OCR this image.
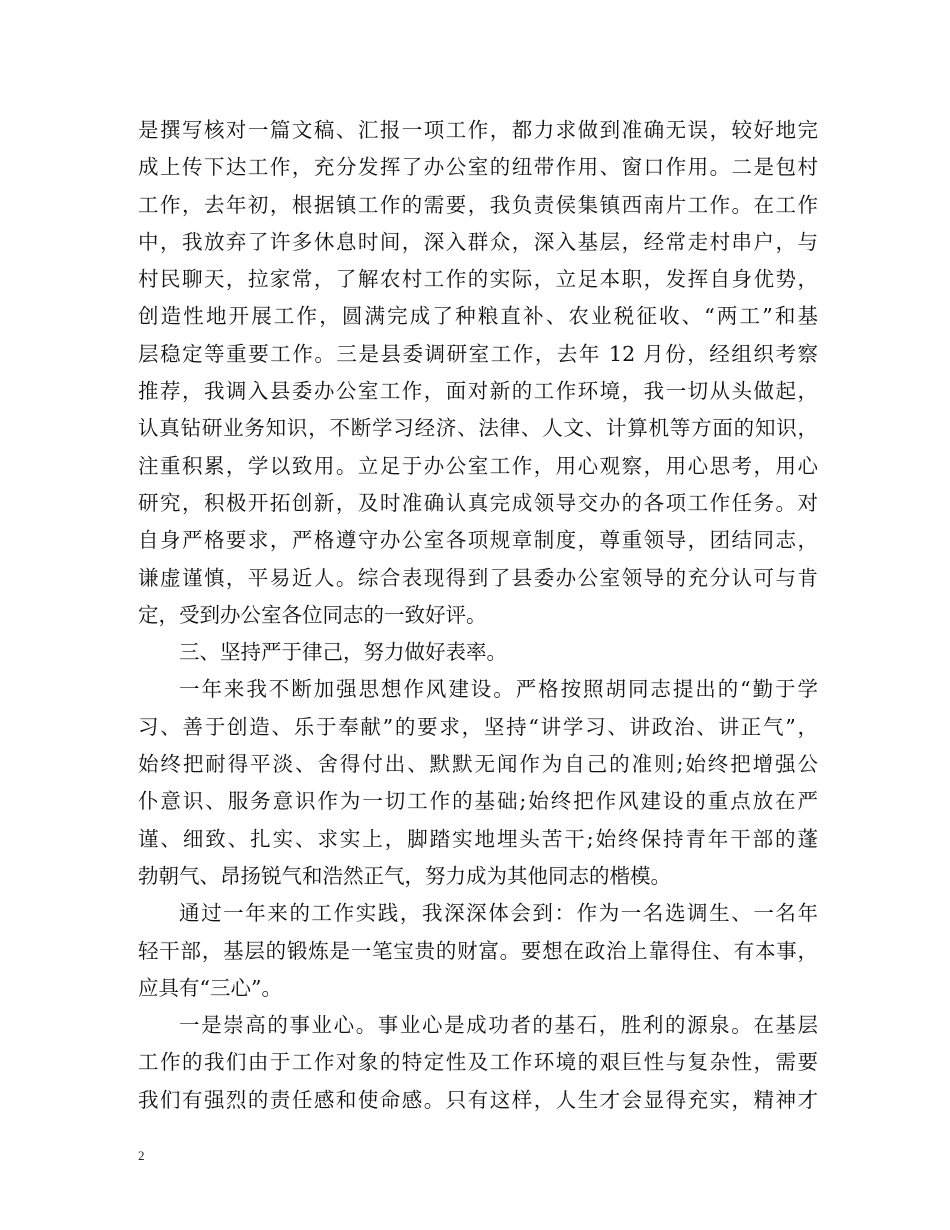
是撰写核对一篇文稿、汇报一项工作，都力求做到准确无误，较好地完
成上传下达工作，充分发挥了办公室的纽带作用、窗口作用。二是包村
工作，去年初，根据镇工作的需要，我负责侯集镇西南片工作。在工作
中，我放弃了许多休息时间，深入群众，深入基层，经常走村串户，与
村民聊天，拉家常，了解农村工作的实际，立足本职，发挥自身优势，
创造性地开展工作，圆满完成了种粮直补、农业税征收、“两工”和基
层稳定等重要工作。三是县委调研室工作，去年 12 月份，经组织考察
推荐，我调入县委办公室工作，面对新的工作环境，我一切从头做起，
认真钻研业务知识，不断学习经济、法律、人文、计算机等方面的知识，
注重积累，学以致用。立足于办公室工作，用心观察，用心思考，用心
研究，积极开拓创新，及时准确认真完成领导交办的各项工作任务。对
自身严格要求，严格遵守办公室各项规章制度，尊重领导，团结同志，
谦虚谨慎，平易近人。综合表现得到了县委办公室领导的充分认可与肯
定，受到办公室各位同志的一致好评。
三、坚持严于律己，努力做好表率。
一年来我不断加强思想作风建设。严格按照胡同志提出的“勤于学
习、善于创造、乐于奉献”的要求，坚持“讲学习、讲政治、讲正气”，
始终把耐得平淡、舍得付出、默默无闻作为自己的准则;始终把增强公
仆意识、服务意识作为一切工作的基础;始终把作风建设的重点放在严
谨、细致、扎实、求实上，脚踏实地埋头苦干;始终保持青年干部的蓬
勃朝气、昂扬锐气和浩然正气，努力成为其他同志的楷模。
通过一年来的工作实践，我深深体会到：作为一名选调生、一名年
轻干部，基层的锻炼是一笔宝贵的财富。要想在政治上靠得住、有本事，
应具有“三心”。
一是崇高的事业心。事业心是成功者的基石，胜利的源泉。在基层
工作的我们由于工作对象的特定性及工作环境的艰巨性与复杂性，需要
我们有强烈的责任感和使命感。只有这样，人生才会显得充实，精神才
2
